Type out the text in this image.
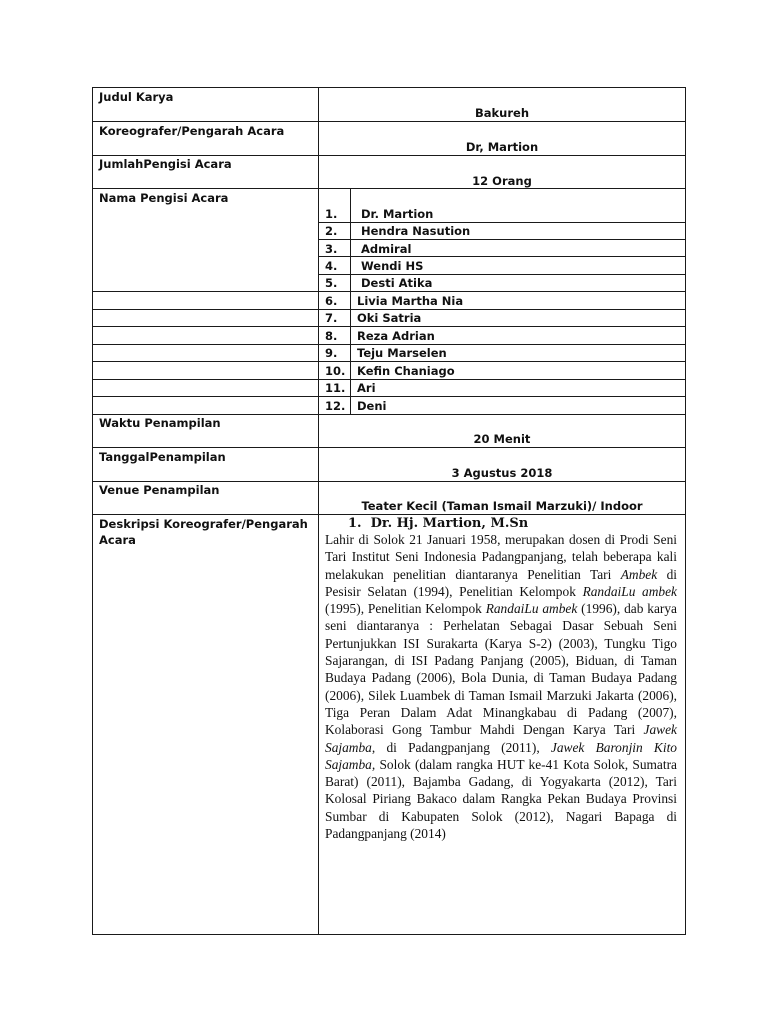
Judul Karya
Bakureh
Koreografer/Pengarah Acara
Dr, Martion
JumlahPengisi Acara
12 Orang
Nama Pengisi Acara
1. Dr. Martion
2. Hendra Nasution
3. Admiral
4. Wendi HS
5. Desti Atika
6. Livia Martha Nia
7. Oki Satria
8. Reza Adrian
9. Teju Marselen
10. Kefin Chaniago
11. Ari
12. Deni
Waktu Penampilan
20 Menit
TanggalPenampilan
3 Agustus 2018
Venue Penampilan
Teater Kecil (Taman Ismail Marzuki)/ Indoor
Deskripsi Koreografer/Pengarah
Acara
1. Dr. Hj. Martion, M.Sn

Lahir di Solok 21 Januari 1958, merupakan dosen di Prodi Seni Tari Institut Seni Indonesia Padangpanjang, telah beberapa kali melakukan penelitian diantaranya Penelitian Tari Ambek di Pesisir Selatan (1994), Penelitian Kelompok RandaiLu ambek (1995), Penelitian Kelompok RandaiLu ambek (1996), dab karya seni diantaranya : Perhelatan Sebagai Dasar Sebuah Seni Pertunjukkan ISI Surakarta (Karya S-2) (2003), Tungku Tigo Sajarangan, di ISI Padang Panjang (2005), Biduan, di Taman Budaya Padang (2006), Bola Dunia, di Taman Budaya Padang (2006), Silek Luambek di Taman Ismail Marzuki Jakarta (2006), Tiga Peran Dalam Adat Minangkabau di Padang (2007), Kolaborasi Gong Tambur Mahdi Dengan Karya Tari Jawek Sajamba, di Padangpanjang (2011), Jawek Baronjin Kito Sajamba, Solok (dalam rangka HUT ke-41 Kota Solok, Sumatra Barat) (2011), Bajamba Gadang, di Yogyakarta (2012), Tari Kolosal Piriang Bakaco dalam Rangka Pekan Budaya Provinsi Sumbar di Kabupaten Solok (2012), Nagari Bapaga di Padangpanjang (2014)
